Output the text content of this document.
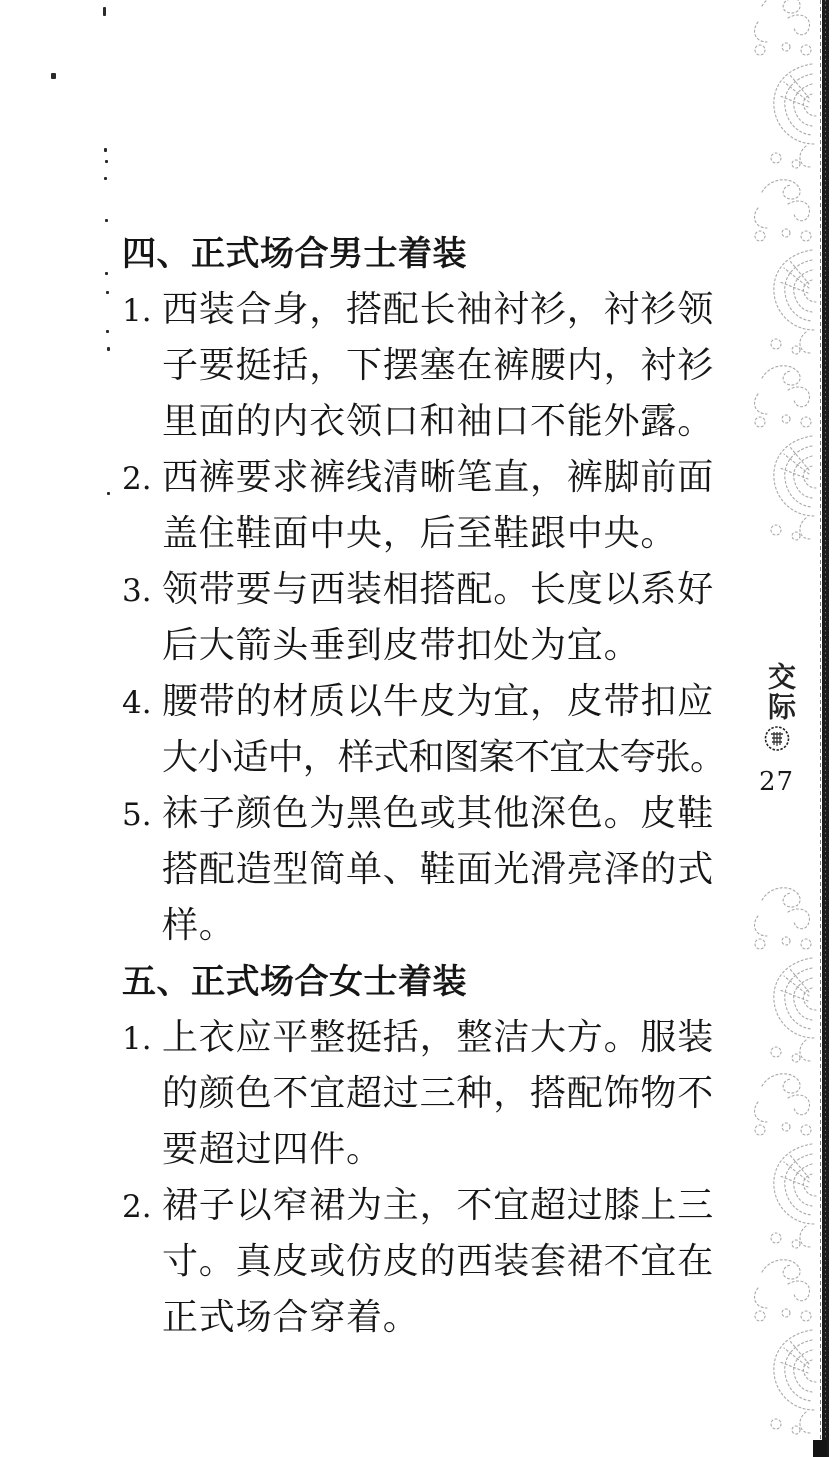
四、正式场合男士着装
1. 西装合身，搭配长袖衬衫，衬衫领
子要挺括，下摆塞在裤腰内，衬衫
里面的内衣领口和袖口不能外露。
2. 西裤要求裤线清晰笔直，裤脚前面
盖住鞋面中央，后至鞋跟中央。
3. 领带要与西装相搭配。长度以系好
后大箭头垂到皮带扣处为宜。
4. 腰带的材质以牛皮为宜，皮带扣应
大小适中，样式和图案不宜太夸张。
5. 袜子颜色为黑色或其他深色。皮鞋
搭配造型简单、鞋面光滑亮泽的式
样。
五、正式场合女士着装
1. 上衣应平整挺括，整洁大方。服装
的颜色不宜超过三种，搭配饰物不
要超过四件。
2. 裙子以窄裙为主，不宜超过膝上三
寸。真皮或仿皮的西装套裙不宜在
正式场合穿着。
交际
27
